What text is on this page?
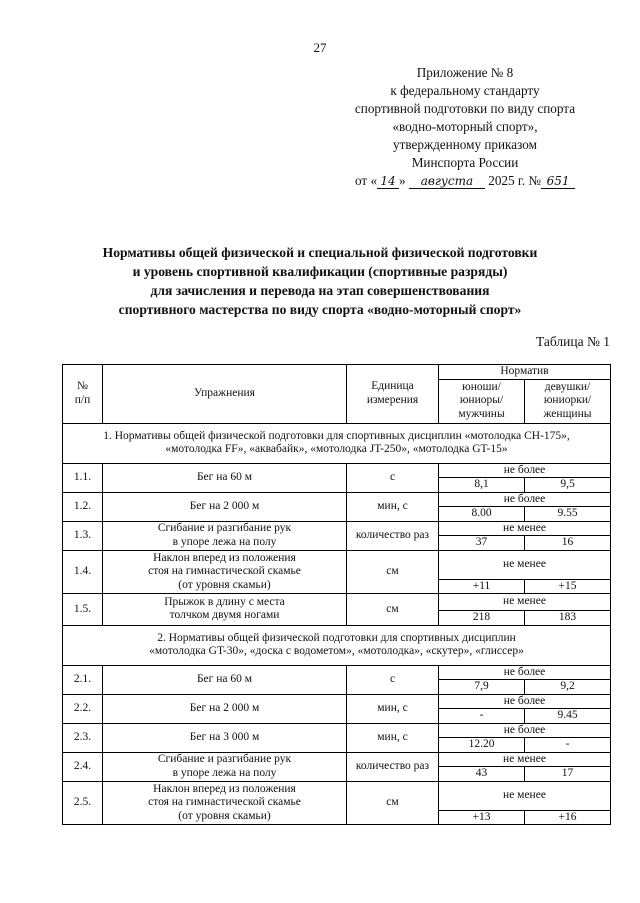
27
Приложение № 8
к федеральному стандарту
спортивной подготовки по виду спорта
«водно-моторный спорт»,
утвержденному приказом
Минспорта России
от « 14 » августа 2025 г. № 651
Нормативы общей физической и специальной физической подготовки
и уровень спортивной квалификации (спортивные разряды)
для зачисления и перевода на этап совершенствования
спортивного мастерства по виду спорта «водно-моторный спорт»
Таблица № 1
№
п/п	Упражнения	Единица
измерения	Норматив	
			юноши/
юниоры/
мужчины	девушки/
юниорки/
женщины
1. Нормативы общей физической подготовки для спортивных дисциплин «мотолодка СН-175»,
«мотолодка FF», «аквабайк», «мотолодка JT-250», «мотолодка GT-15»				
1.1.	Бег на 60 м	с	не более	
			8,1	9,5
1.2.	Бег на 2 000 м	мин, с	не более	
			8.00	9.55
1.3.	Сгибание и разгибание рук
в упоре лежа на полу	количество раз	не менее	
			37	16
1.4.	Наклон вперед из положения
стоя на гимнастической скамье
(от уровня скамьи)	см	не менее	
			+11	+15
1.5.	Прыжок в длину с места
толчком двумя ногами	см	не менее	
			218	183
2. Нормативы общей физической подготовки для спортивных дисциплин
«мотолодка GT-30», «доска с водометом», «мотолодка», «скутер», «глиссер»				
2.1.	Бег на 60 м	с	не более	
			7,9	9,2
2.2.	Бег на 2 000 м	мин, с	не более	
			-	9.45
2.3.	Бег на 3 000 м	мин, с	не более	
			12.20	-
2.4.	Сгибание и разгибание рук
в упоре лежа на полу	количество раз	не менее	
			43	17
2.5.	Наклон вперед из положения
стоя на гимнастической скамье
(от уровня скамьи)	см	не менее	
			+13	+16
